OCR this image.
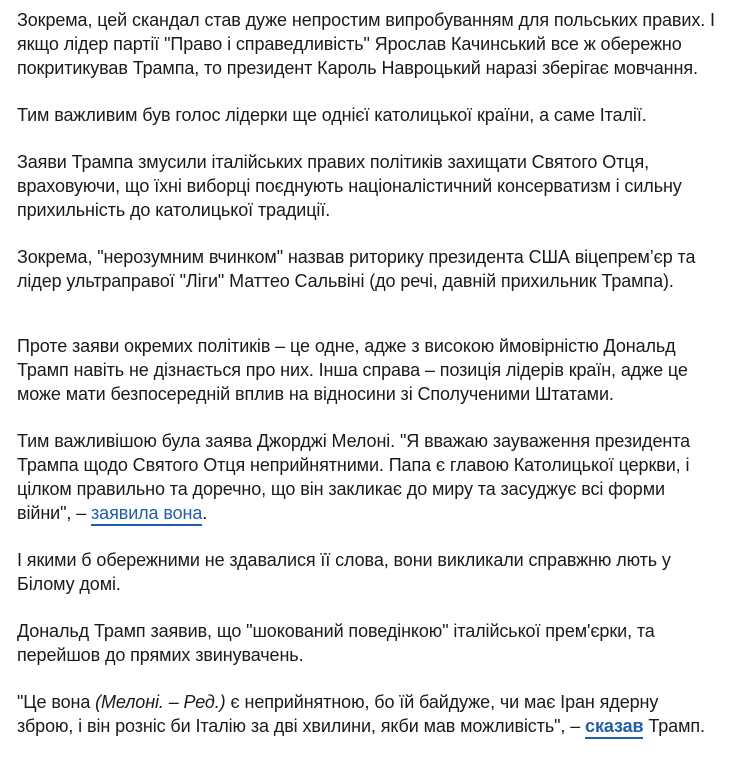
Зокрема, цей скандал став дуже непростим випробуванням для польських правих. І якщо лідер партії "Право і справедливість" Ярослав Качинський все ж обережно покритикував Трампа, то президент Кароль Навроцький наразі зберігає мовчання.

Тим важливим був голос лідерки ще однієї католицької країни, а саме Італії.

Заяви Трампа змусили італійських правих політиків захищати Святого Отця, враховуючи, що їхні виборці поєднують націоналістичний консерватизм і сильну прихильність до католицької традиції.

Зокрема, "нерозумним вчинком" назвав риторику президента США віцепрем’єр та лідер ультраправої "Ліги" Маттео Сальвіні (до речі, давній прихильник Трампа).

Проте заяви окремих політиків – це одне, адже з високою ймовірністю Дональд Трамп навіть не дізнається про них. Інша справа – позиція лідерів країн, адже це може мати безпосередній вплив на відносини зі Сполученими Штатами.

Тим важливішою була заява Джорджі Мелоні. "Я вважаю зауваження президента Трампа щодо Святого Отця неприйнятними. Папа є главою Католицької церкви, і цілком правильно та доречно, що він закликає до миру та засуджує всі форми війни", – заявила вона.

І якими б обережними не здавалися її слова, вони викликали справжню лють у Білому домі.

Дональд Трамп заявив, що "шокований поведінкою" італійської прем'єрки, та перейшов до прямих звинувачень.

"Це вона (Мелоні. – Ред.) є неприйнятною, бо їй байдуже, чи має Іран ядерну зброю, і він розніс би Італію за дві хвилини, якби мав можливість", – сказав Трамп.
